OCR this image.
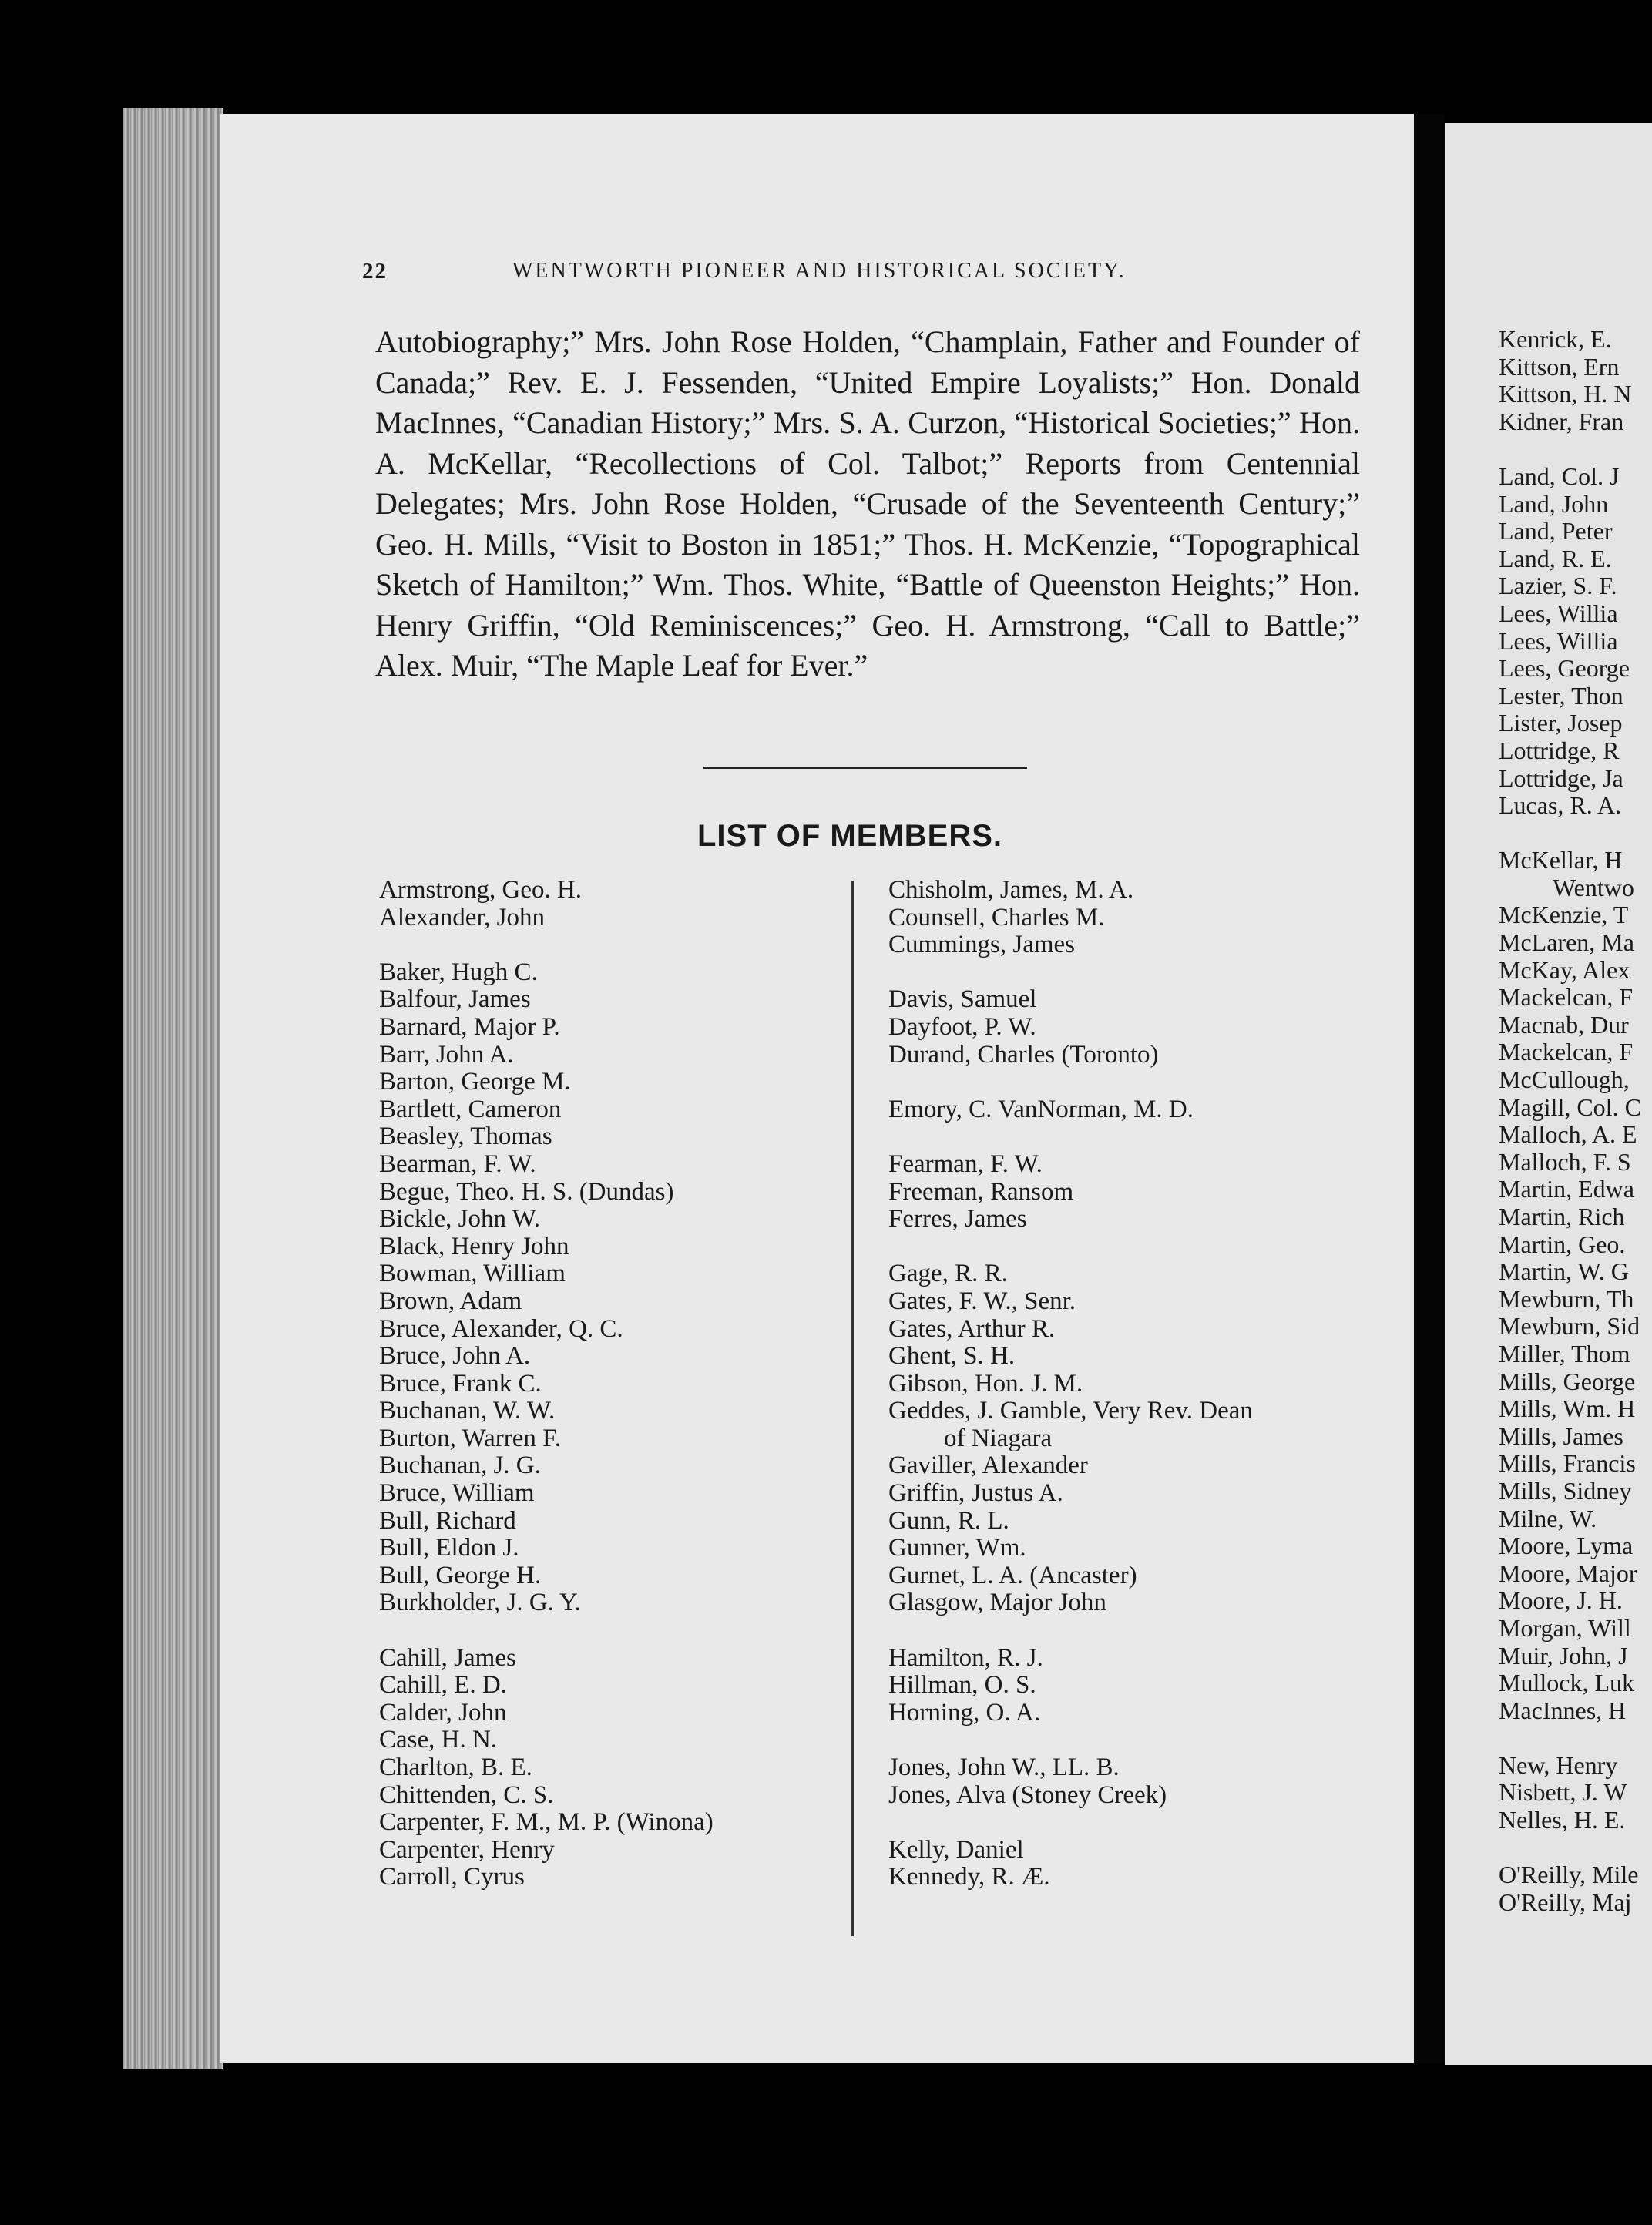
22	WENTWORTH PIONEER AND HISTORICAL SOCIETY.

Autobiography;” Mrs. John Rose Holden, “Champlain, Father and Founder of Canada;” Rev. E. J. Fessenden, “United Empire Loyalists;” Hon. Donald MacInnes, “Canadian History;” Mrs. S. A. Curzon, “Historical Societies;” Hon. A. McKellar, “Recollections of Col. Talbot;” Reports from Centennial Delegates; Mrs. John Rose Holden, “Crusade of the Seventeenth Century;” Geo. H. Mills, “Visit to Boston in 1851;” Thos. H. McKenzie, “Topographical Sketch of Hamilton;” Wm. Thos. White, “Battle of Queenston Heights;” Hon. Henry Griffin, “Old Reminiscences;” Geo. H. Armstrong, “Call to Battle;” Alex. Muir, “The Maple Leaf for Ever.”

LIST OF MEMBERS.
Armstrong, Geo. H.
Alexander, John
Baker, Hugh C.
Balfour, James
Barnard, Major P.
Barr, John A.
Barton, George M.
Bartlett, Cameron
Beasley, Thomas
Bearman, F. W.
Begue, Theo. H. S. (Dundas)
Bickle, John W.
Black, Henry John
Bowman, William
Brown, Adam
Bruce, Alexander, Q. C.
Bruce, John A.
Bruce, Frank C.
Buchanan, W. W.
Burton, Warren F.
Buchanan, J. G.
Bruce, William
Bull, Richard
Bull, Eldon J.
Bull, George H.
Burkholder, J. G. Y.
Cahill, James
Cahill, E. D.
Calder, John
Case, H. N.
Charlton, B. E.
Chittenden, C. S.
Carpenter, F. M., M. P. (Winona)
Carpenter, Henry
Carroll, Cyrus
Chisholm, James, M. A.
Counsell, Charles M.
Cummings, James
Davis, Samuel
Dayfoot, P. W.
Durand, Charles (Toronto)
Emory, C. VanNorman, M. D.
Fearman, F. W.
Freeman, Ransom
Ferres, James
Gage, R. R.
Gates, F. W., Senr.
Gates, Arthur R.
Ghent, S. H.
Gibson, Hon. J. M.
Geddes, J. Gamble, Very Rev. Dean
of Niagara
Gaviller, Alexander
Griffin, Justus A.
Gunn, R. L.
Gunner, Wm.
Gurnet, L. A. (Ancaster)
Glasgow, Major John
Hamilton, R. J.
Hillman, O. S.
Horning, O. A.
Jones, John W., LL. B.
Jones, Alva (Stoney Creek)
Kelly, Daniel
Kennedy, R. Æ.
Kenrick, E.
Kittson, Ern
Kittson, H. N
Kidner, Fran
Land, Col. J
Land, John
Land, Peter
Land, R. E.
Lazier, S. F.
Lees, Willia
Lees, Willia
Lees, George
Lester, Thon
Lister, Josep
Lottridge, R
Lottridge, Ja
Lucas, R. A.
McKellar, H
Wentwo
McKenzie, T
McLaren, Ma
McKay, Alex
Mackelcan, F
Macnab, Dur
Mackelcan, F
McCullough,
Magill, Col. C
Malloch, A. E
Malloch, F. S
Martin, Edwa
Martin, Rich
Martin, Geo.
Martin, W. G
Mewburn, Th
Mewburn, Sid
Miller, Thom
Mills, George
Mills, Wm. H
Mills, James
Mills, Francis
Mills, Sidney
Milne, W.
Moore, Lyma
Moore, Major
Moore, J. H.
Morgan, Will
Muir, John, J
Mullock, Luk
MacInnes, H
New, Henry
Nisbett, J. W
Nelles, H. E.
O'Reilly, Mile
O'Reilly, Maj
